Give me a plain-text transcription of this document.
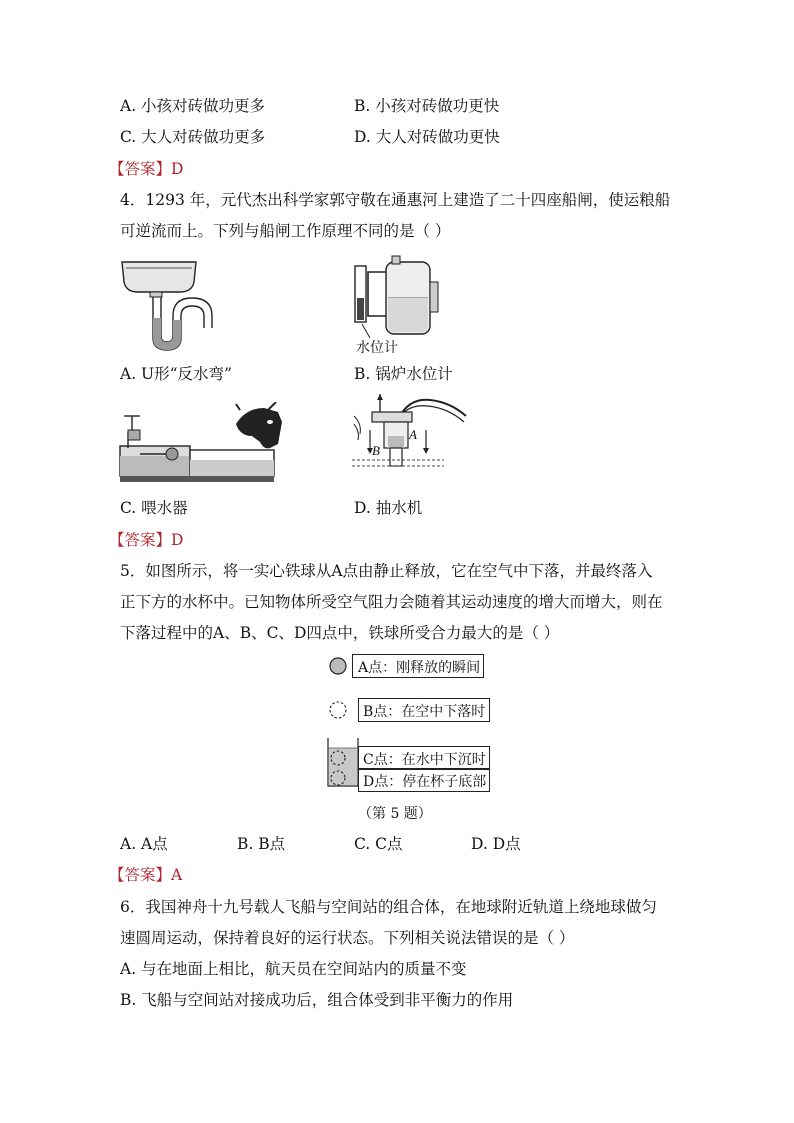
A. 小孩对砖做功更多	B. 小孩对砖做功更快
C. 大人对砖做功更多	D. 大人对砖做功更快
【答案】D
4．1293 年，元代杰出科学家郭守敬在通惠河上建造了二十四座船闸，使运粮船
可逆流而上。下列与船闸工作原理不同的是（ ）
水位计
A. U形“反水弯”	B. 锅炉水位计
A
B
C. 喂水器	D. 抽水机
【答案】D
5．如图所示，将一实心铁球从A点由静止释放，它在空气中下落，并最终落入
正下方的水杯中。已知物体所受空气阻力会随着其运动速度的增大而增大，则在
下落过程中的A、B、C、D四点中，铁球所受合力最大的是（ ）
A点：刚释放的瞬间
B点：在空中下落时
C点：在水中下沉时
D点：停在杯子底部
（第 5 题）
A. A点	B. B点	C. C点	D. D点
【答案】A
6．我国神舟十九号载人飞船与空间站的组合体，在地球附近轨道上绕地球做匀
速圆周运动，保持着良好的运行状态。下列相关说法错误的是（ ）
A. 与在地面上相比，航天员在空间站内的质量不变
B. 飞船与空间站对接成功后，组合体受到非平衡力的作用
